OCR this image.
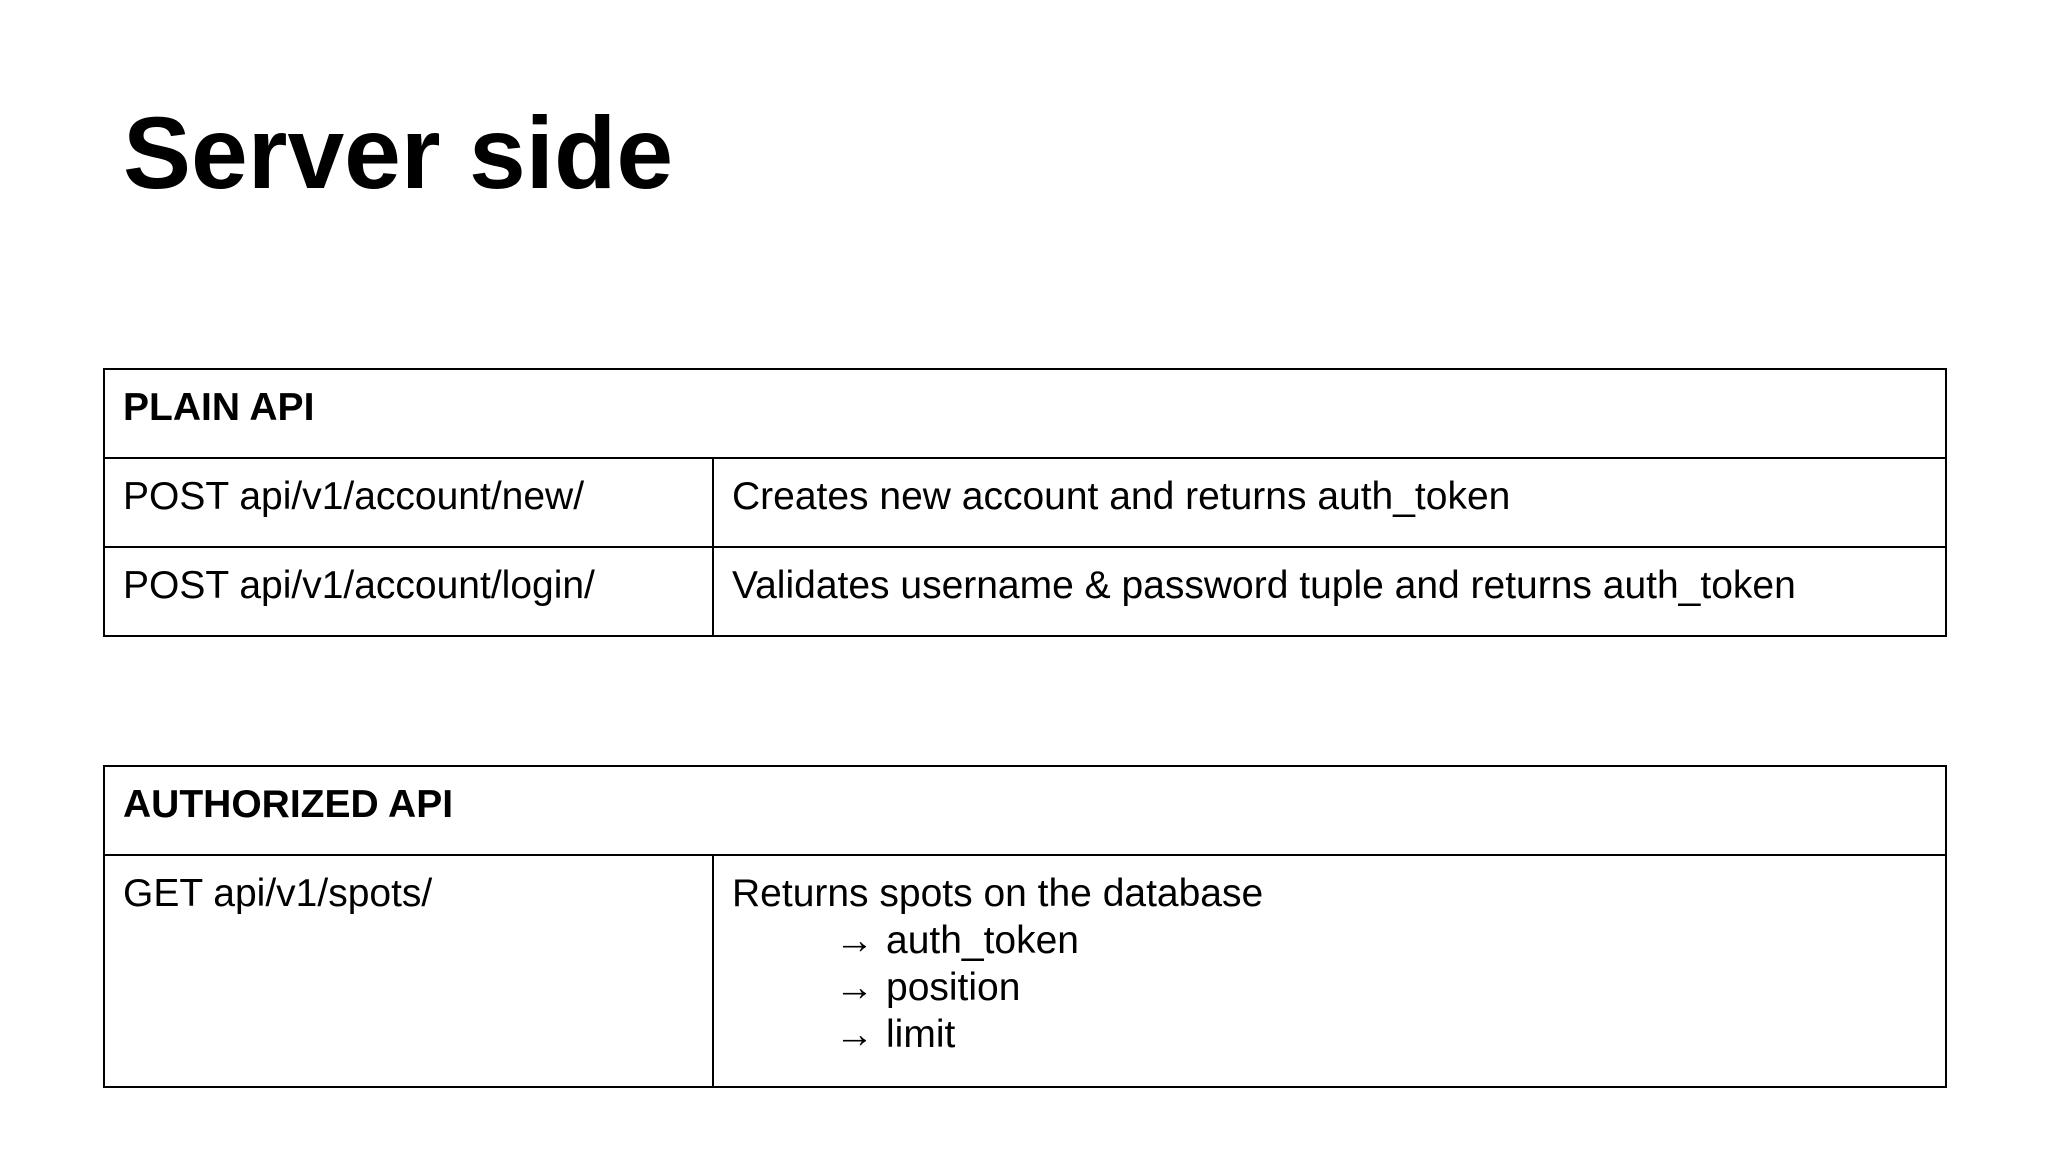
Server side
PLAIN API	
POST api/v1/account/new/	Creates new account and returns auth_token
POST api/v1/account/login/	Validates username & password tuple and returns auth_token
AUTHORIZED API
GET api/v1/spots/	Returns spots on the database
→ auth_token
→ position
→ limit
